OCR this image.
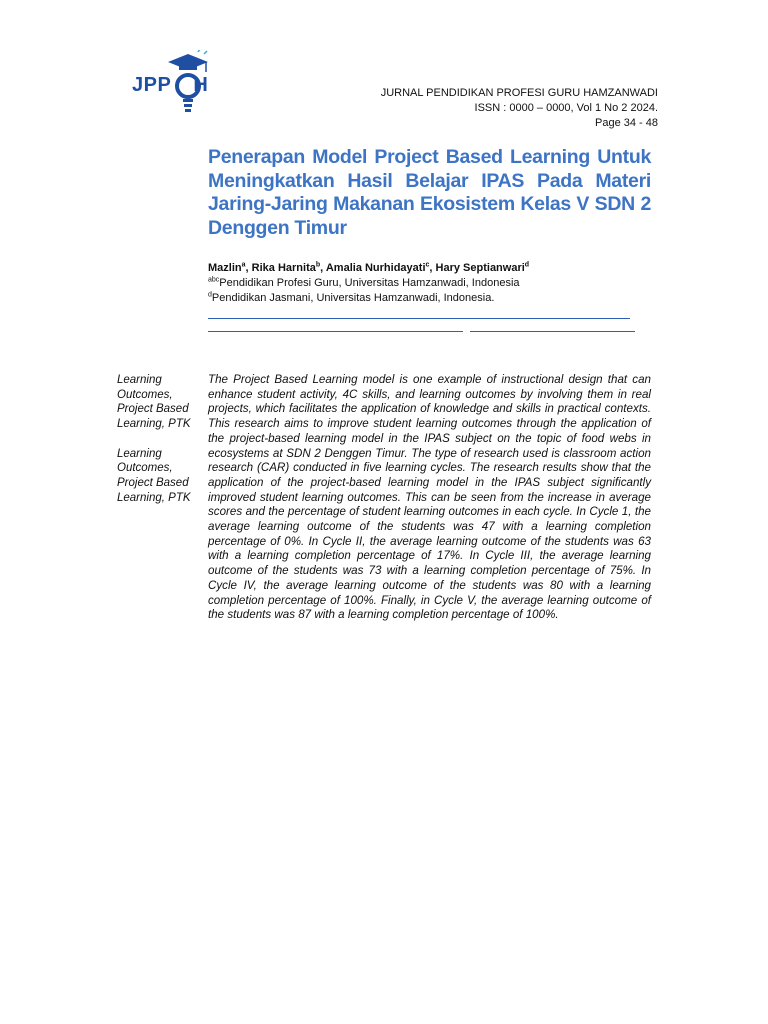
JPP H	JURNAL PENDIDIKAN PROFESI GURU HAMZANWADI
ISSN : 0000 – 0000, Vol 1 No 2 2024.
Page 34 - 48
Penerapan Model Project Based Learning Untuk Meningkatkan Hasil Belajar IPAS Pada Materi Jaring-Jaring Makanan Ekosistem Kelas V SDN 2 Denggen Timur
Mazlin$^a$, Rika Harnita$^b$, Amalia Nurhidayati$^c$, Hary Septianwari$^d$
$^{abc}$Pendidikan Profesi Guru, Universitas Hamzanwadi, Indonesia
$^d$Pendidikan Jasmani, Universitas Hamzanwadi, Indonesia.
Learning Outcomes, Project Based Learning, PTK
Learning Outcomes, Project Based Learning, PTK

The Project Based Learning model is one example of instructional design that can enhance student activity, 4C skills, and learning outcomes by involving them in real projects, which facilitates the application of knowledge and skills in practical contexts. This research aims to improve student learning outcomes through the application of the project-based learning model in the IPAS subject on the topic of food webs in ecosystems at SDN 2 Denggen Timur. The type of research used is classroom action research (CAR) conducted in five learning cycles. The research results show that the application of the project-based learning model in the IPAS subject significantly improved student learning outcomes. This can be seen from the increase in average scores and the percentage of student learning outcomes in each cycle. In Cycle 1, the average learning outcome of the students was 47 with a learning completion percentage of 0%. In Cycle II, the average learning outcome of the students was 63 with a learning completion percentage of 17%. In Cycle III, the average learning outcome of the students was 73 with a learning completion percentage of 75%. In Cycle IV, the average learning outcome of the students was 80 with a learning completion percentage of 100%. Finally, in Cycle V, the average learning outcome of the students was 87 with a learning completion percentage of 100%.
